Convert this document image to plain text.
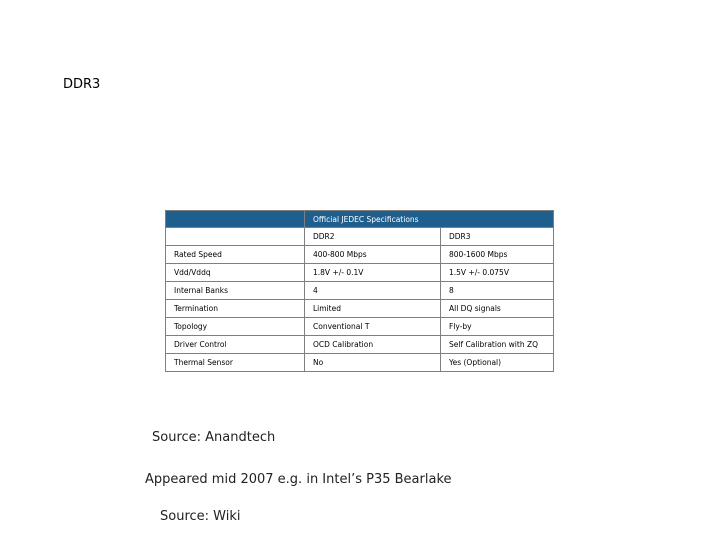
DDR3
	Official JEDEC Specifications	
	DDR2	DDR3
Rated Speed	400-800 Mbps	800-1600 Mbps
Vdd/Vddq	1.8V +/- 0.1V	1.5V +/- 0.075V
Internal Banks	4	8
Termination	Limited	All DQ signals
Topology	Conventional T	Fly-by
Driver Control	OCD Calibration	Self Calibration with ZQ
Thermal Sensor	No	Yes (Optional)
Source: Anandtech
Appeared mid 2007 e.g. in Intel’s P35 Bearlake
Source: Wiki
